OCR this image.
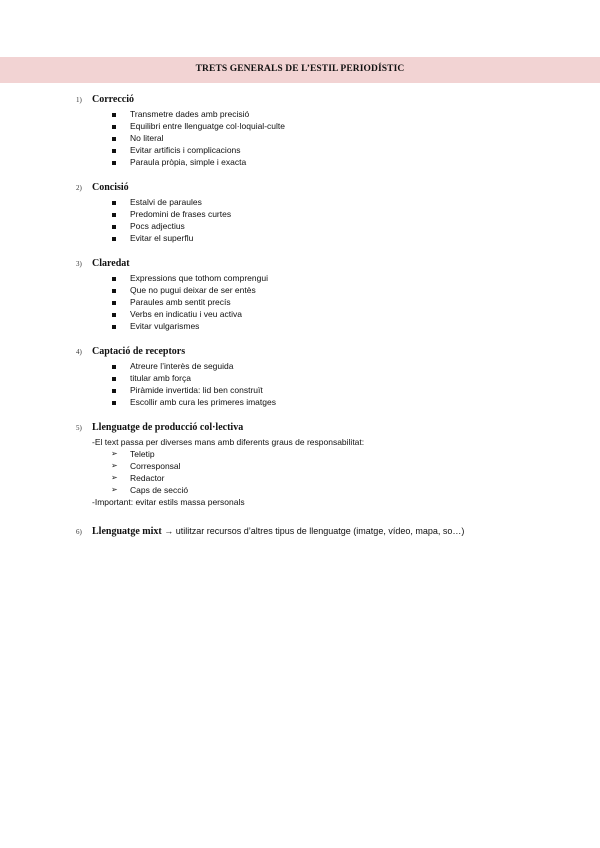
TRETS GENERALS DE L’ESTIL PERIODÍSTIC
1) Correcció
Transmetre dades amb precisió
Equilibri entre llenguatge col·loquial-culte
No literal
Evitar artificis i complicacions
Paraula pròpia, simple i exacta
2) Concisió
Estalvi de paraules
Predomini de frases curtes
Pocs adjectius
Evitar el superflu
3) Claredat
Expressions que tothom comprengui
Que no pugui deixar de ser entès
Paraules amb sentit precís
Verbs en indicatiu i veu activa
Evitar vulgarismes
4) Captació de receptors
Atreure l’interès de seguida
titular amb força
Piràmide invertida: lid ben construït
Escollir amb cura les primeres imatges
5) Llenguatge de producció col·lectiva
-El text passa per diverses mans amb diferents graus de responsabilitat:
➢ Teletip
➢ Corresponsal
➢ Redactor
➢ Caps de secció
-Important: evitar estils massa personals
6) Llenguatge mixt → utilitzar recursos d’altres tipus de llenguatge (imatge, vídeo, mapa, so…)
